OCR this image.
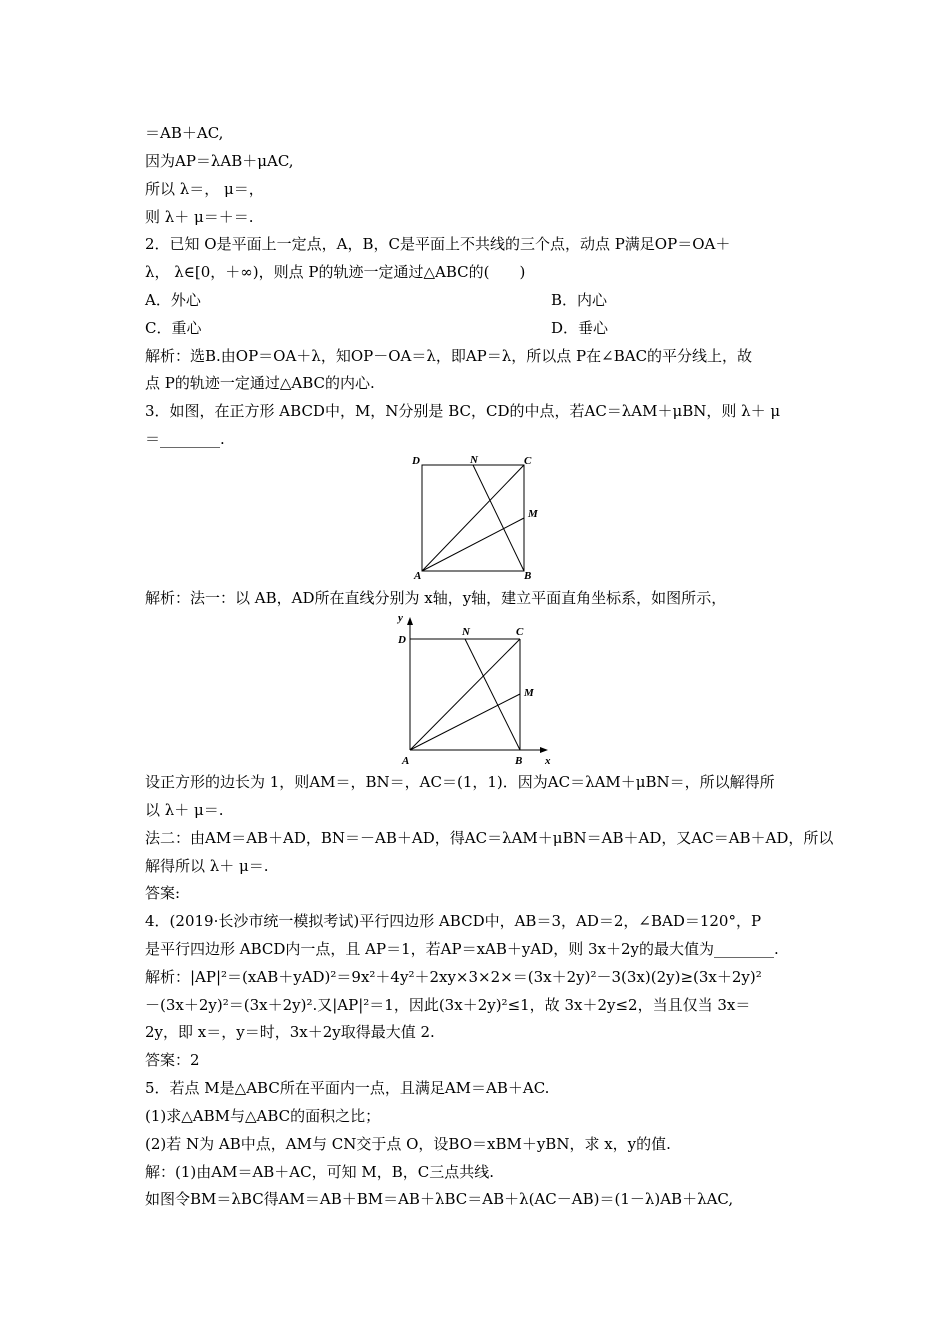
＝AB＋AC,
因为AP＝λAB＋μAC,
所以 λ＝， μ＝，
则 λ＋ μ＝＋＝.
2．已知 O是平面上一定点，A，B，C是平面上不共线的三个点，动点 P满足OP＝OA＋
λ， λ∈[0，＋∞)，则点 P的轨迹一定通过△ABC的(　　)
A．外心	B．内心
C．重心	D．垂心
解析：选B.由OP＝OA＋λ，知OP－OA＝λ，即AP＝λ，所以点 P在∠BAC的平分线上，故
点 P的轨迹一定通过△ABC的内心.
3．如图，在正方形 ABCD中，M，N分别是 BC，CD的中点，若AC＝λAM＋μBN，则 λ＋ μ
＝________.
D	N	C
M
A	B
解析：法一：以 AB，AD所在直线分别为 x轴，y轴，建立平面直角坐标系，如图所示，
y
D
N	C
M
A	B x
设正方形的边长为 1，则AM＝，BN＝，AC＝(1，1)．因为AC＝λAM＋μBN＝，所以解得所
以 λ＋ μ＝.
法二：由AM＝AB＋AD，BN＝－AB＋AD，得AC＝λAM＋μBN＝AB＋AD，又AC＝AB＋AD，所以
解得所以 λ＋ μ＝.
答案:
4．(2019·长沙市统一模拟考试)平行四边形 ABCD中，AB＝3，AD＝2，∠BAD＝120°，P
是平行四边形 ABCD内一点，且 AP＝1，若AP＝xAB＋yAD，则 3x＋2y的最大值为________.
解析：|AP|²＝(xAB＋yAD)²＝9x²＋4y²＋2xy×3×2×＝(3x＋2y)²－3(3x)(2y)≥(3x＋2y)²
－(3x＋2y)²＝(3x＋2y)².又|AP|²＝1，因此(3x＋2y)²≤1，故 3x＋2y≤2，当且仅当 3x＝
2y，即 x＝，y＝时，3x＋2y取得最大值 2.
答案：2
5．若点 M是△ABC所在平面内一点，且满足AM＝AB＋AC.
(1)求△ABM与△ABC的面积之比；
(2)若 N为 AB中点，AM与 CN交于点 O，设BO＝xBM＋yBN，求 x，y的值.
解：(1)由AM＝AB＋AC，可知 M，B，C三点共线.
如图令BM＝λBC得AM＝AB＋BM＝AB＋λBC＝AB＋λ(AC－AB)＝(1－λ)AB＋λAC,
